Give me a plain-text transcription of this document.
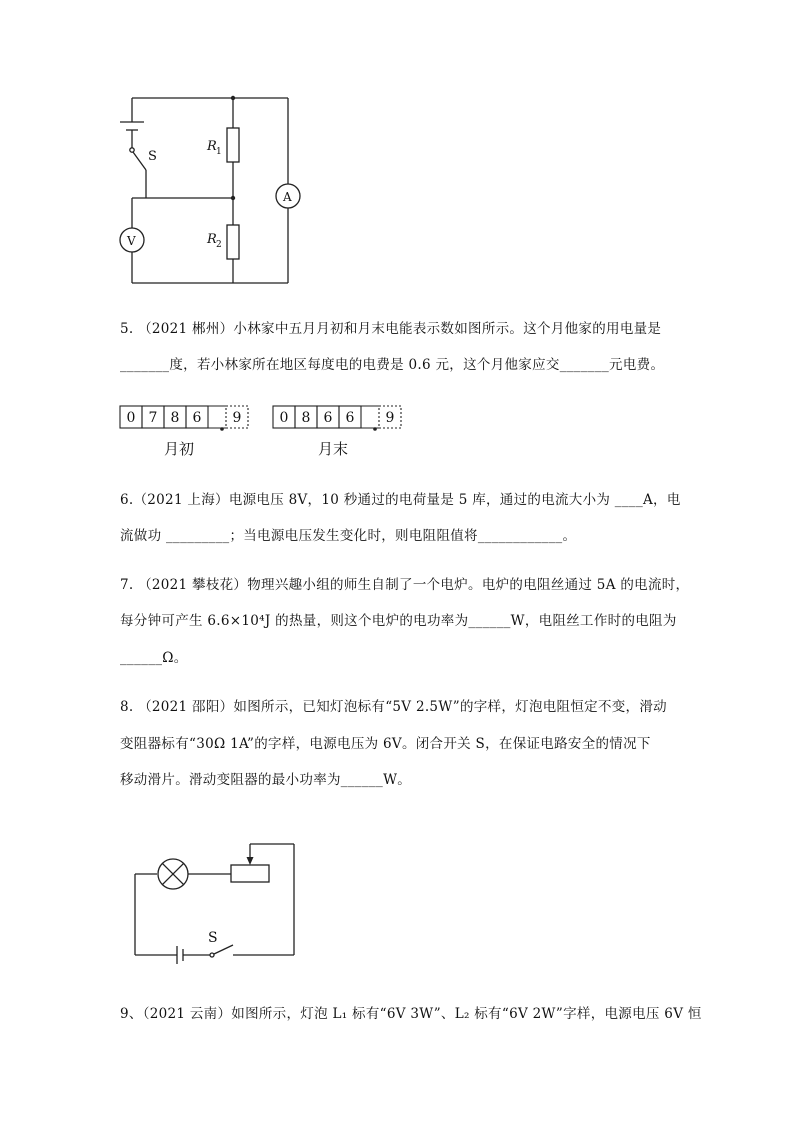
S
R 1
R 2
A
V
5. （2021 郴州）小林家中五月月初和月末电能表示数如图所示。这个月他家的用电量是
_______度，若小林家所在地区每度电的电费是 0.6 元，这个月他家应交_______元电费。
0 7 8 6 9	0 8 6 6 9
月初	月末
6.（2021 上海）电源电压 8V，10 秒通过的电荷量是 5 库，通过的电流大小为 ____A，电
流做功 _________；当电源电压发生变化时，则电阻阻值将____________。
7. （2021 攀枝花）物理兴趣小组的师生自制了一个电炉。电炉的电阻丝通过 5A 的电流时，
每分钟可产生 6.6×10⁴J 的热量，则这个电炉的电功率为______W，电阻丝工作时的电阻为
______Ω。
8. （2021 邵阳）如图所示，已知灯泡标有“5V 2.5W”的字样，灯泡电阻恒定不变，滑动
变阻器标有“30Ω 1A”的字样，电源电压为 6V。闭合开关 S，在保证电路安全的情况下
移动滑片。滑动变阻器的最小功率为______W。
S
9、（2021 云南）如图所示，灯泡 L₁ 标有“6V 3W”、L₂ 标有“6V 2W”字样，电源电压 6V 恒
